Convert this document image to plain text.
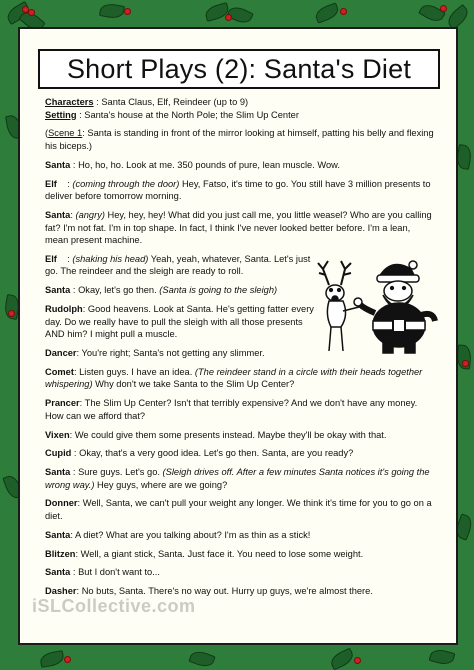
Short Plays (2): Santa's Diet

Characters : Santa Claus, Elf, Reindeer (up to 9)

Setting : Santa's house at the North Pole; the Slim Up Center

(Scene 1: Santa is standing in front of the mirror looking at himself, patting his belly and flexing his biceps.)

Santa : Ho, ho, ho. Look at me. 350 pounds of pure, lean muscle. Wow.

Elf    : (coming through the door) Hey, Fatso, it's time to go. You still have 3 million presents to deliver before tomorrow morning.

Santa: (angry) Hey, hey, hey! What did you just call me, you little weasel? Who are you calling fat? I'm not fat. I'm in top shape. In fact, I think I've never looked better before. I'm a lean, mean present machine.

Elf    : (shaking his head) Yeah, yeah, whatever, Santa. Let's just go. The reindeer and the sleigh are ready to roll.

Santa : Okay, let's go then. (Santa is going to the sleigh)

Rudolph: Good heavens. Look at Santa. He's getting fatter every day. Do we really have to pull the sleigh with all those presents AND him? I might pull a muscle.

Dancer: You're right; Santa's not getting any slimmer.

Comet: Listen guys. I have an idea. (The reindeer stand in a circle with their heads together whispering) Why don't we take Santa to the Slim Up Center?

Prancer: The Slim Up Center? Isn't that terribly expensive? And we don't have any money. How can we afford that?

Vixen: We could give them some presents instead. Maybe they'll be okay with that.

Cupid : Okay, that's a very good idea. Let's go then. Santa, are you ready?

Santa : Sure guys. Let's go. (Sleigh drives off. After a few minutes Santa notices it's going the wrong way.) Hey guys, where are we going?

Donner: Well, Santa, we can't pull your weight any longer. We think it's time for you to go on a diet.

Santa: A diet? What are you talking about? I'm as thin as a stick!

Blitzen: Well, a giant stick, Santa. Just face it. You need to lose some weight.

Santa : But I don't want to...

Dasher: No buts, Santa. There's no way out. Hurry up guys, we're almost there.

iSLCollective.com
